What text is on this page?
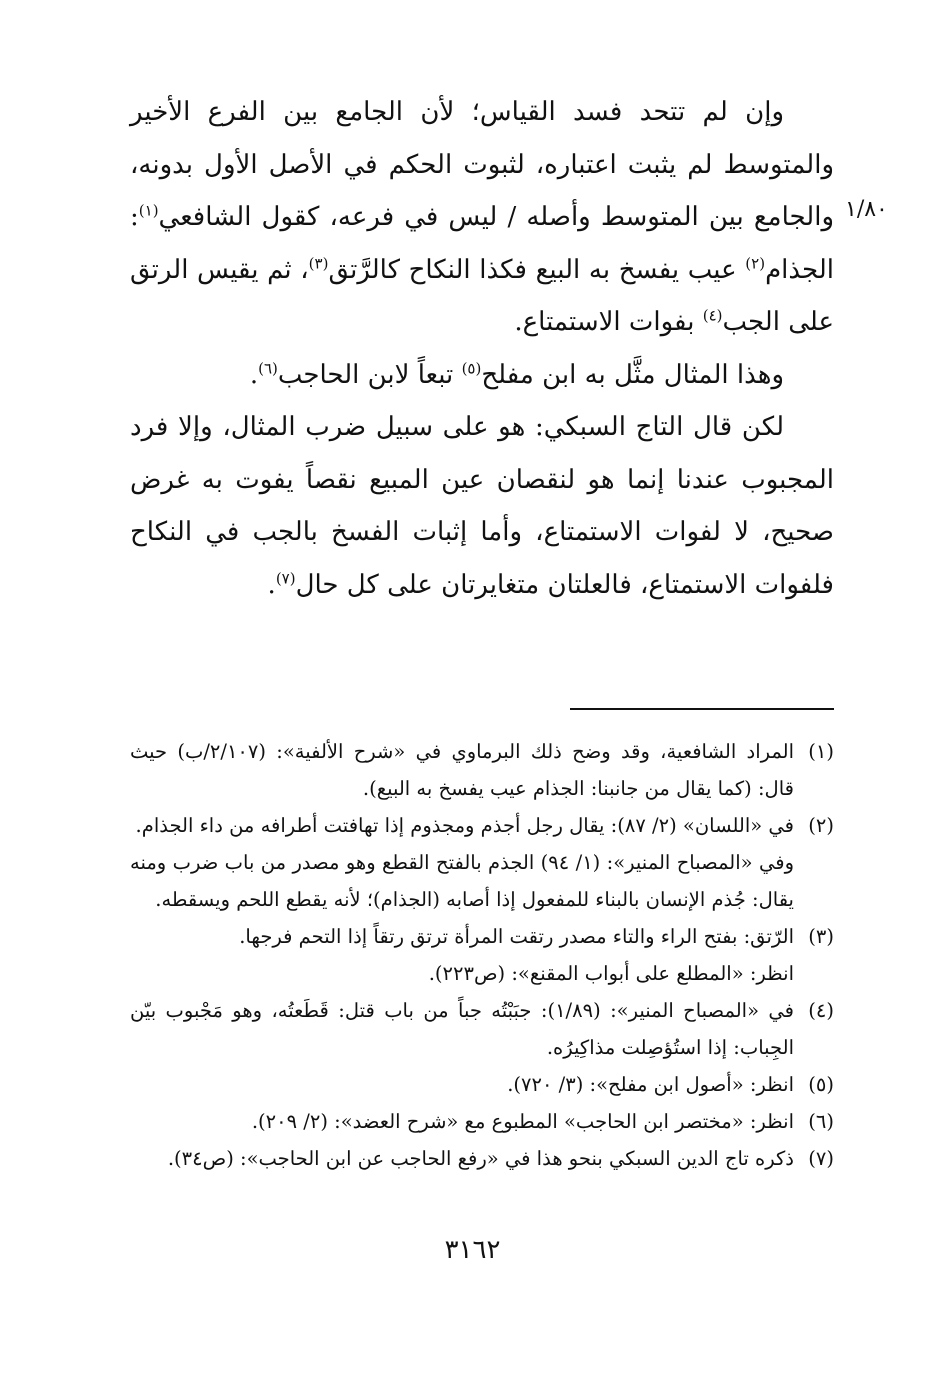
١/٨٠

وإن لم تتحد فسد القياس؛ لأن الجامع بين الفرع الأخير والمتوسط لم يثبت اعتباره، لثبوت الحكم في الأصل الأول بدونه، والجامع بين المتوسط وأصله / ليس في فرعه، كقول الشافعي$^{(١)}$: الجذام$^{(٢)}$ عيب يفسخ به البيع فكذا النكاح كالرَّتق$^{(٣)}$، ثم يقيس الرتق على الجب$^{(٤)}$ بفوات الاستمتاع.

وهذا المثال مثَّل به ابن مفلح$^{(٥)}$ تبعاً لابن الحاجب$^{(٦)}$.

لكن قال التاج السبكي: هو على سبيل ضرب المثال، وإلا فرد المجبوب عندنا إنما هو لنقصان عين المبيع نقصاً يفوت به غرض صحيح، لا لفوات الاستمتاع، وأما إثبات الفسخ بالجب في النكاح فلفوات الاستمتاع، فالعلتان متغايرتان على كل حال$^{(٧)}$.

(١)
المراد الشافعية، وقد وضح ذلك البرماوي في «شرح الألفية»: (٢/١٠٧/ب) حيث قال: (كما يقال من جانبنا: الجذام عيب يفسخ به البيع).
(٢)
في «اللسان» (٢/ ٨٧): يقال رجل أجذم ومجذوم إذا تهافتت أطرافه من داء الجذام.
وفي «المصباح المنير»: (١/ ٩٤) الجذم بالفتح القطع وهو مصدر من باب ضرب ومنه يقال: جُذم الإنسان بالبناء للمفعول إذا أصابه (الجذام)؛ لأنه يقطع اللحم ويسقطه.
(٣)
الرّتق: بفتح الراء والتاء مصدر رتقت المرأة ترتق رتقاً إذا التحم فرجها.
انظر: «المطلع على أبواب المقنع»: (ص٢٢٣).
(٤)
في «المصباح المنير»: (١/٨٩): جبَبْتُه جباً من باب قتل: قَطَعتُه، وهو مَجْبوب بيّن الجِباب: إذا استُؤصِلت مذاكِيرُه.
(٥)
انظر: «أصول ابن مفلح»: (٣/ ٧٢٠).
(٦)
انظر: «مختصر ابن الحاجب» المطبوع مع «شرح العضد»: (٢/ ٢٠٩).
(٧)
ذكره تاج الدين السبكي بنحو هذا في «رفع الحاجب عن ابن الحاجب»: (ص٣٤).
٣١٦٢
